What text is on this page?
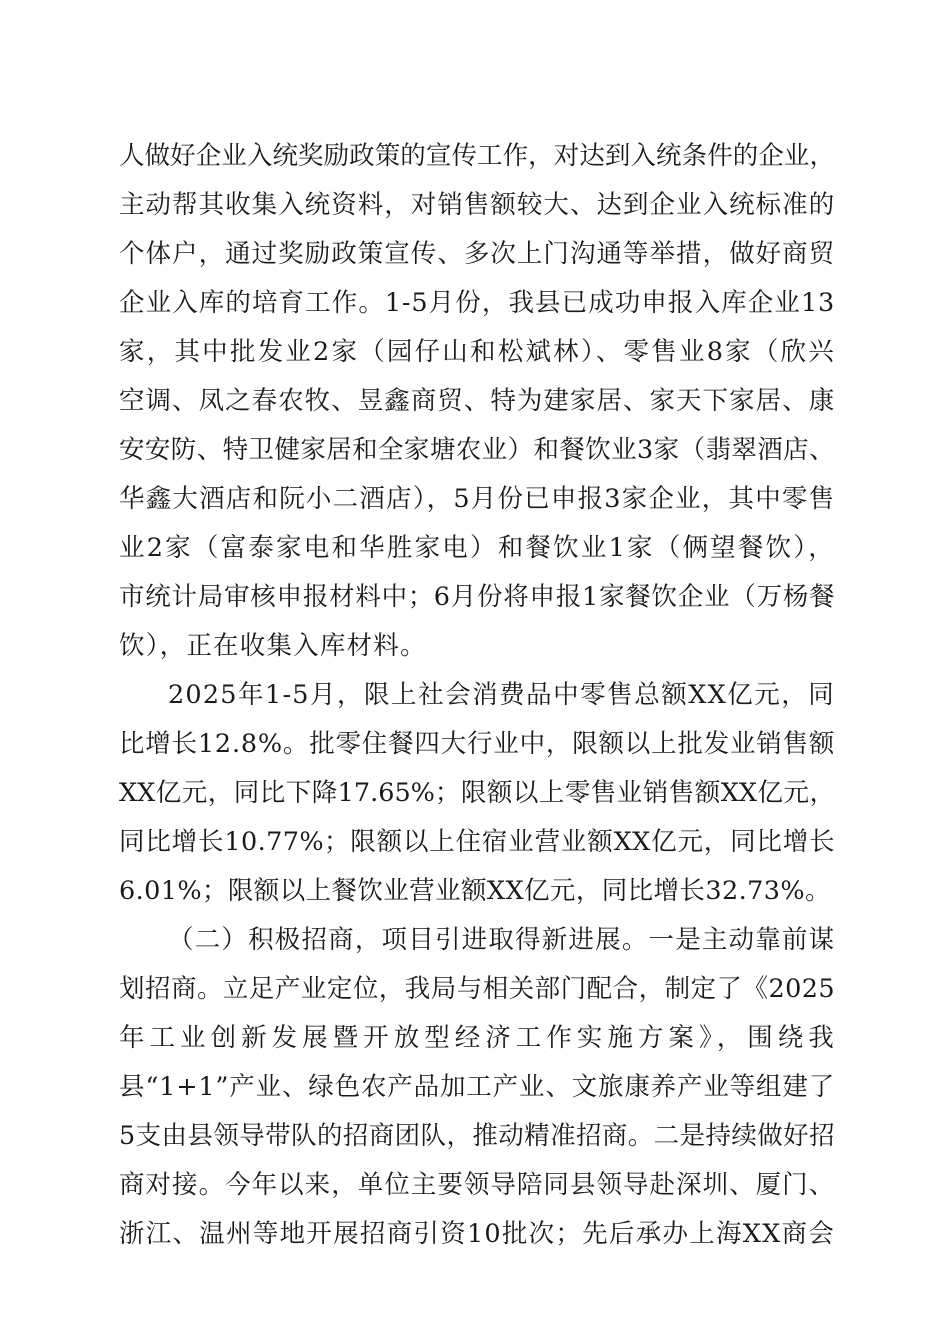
人做好企业入统奖励政策的宣传工作，对达到入统条件的企业，
主动帮其收集入统资料，对销售额较大、达到企业入统标准的
个体户，通过奖励政策宣传、多次上门沟通等举措，做好商贸
企业入库的培育工作。1-5月份，我县已成功申报入库企业13
家，其中批发业2家（园仔山和松斌林）、零售业8家（欣兴
空调、凤之春农牧、昱鑫商贸、特为建家居、家天下家居、康
安安防、特卫健家居和全家塘农业）和餐饮业3家（翡翠酒店、
华鑫大酒店和阮小二酒店），5月份已申报3家企业，其中零售
业2家（富泰家电和华胜家电）和餐饮业1家（俩望餐饮），
市统计局审核申报材料中；6月份将申报1家餐饮企业（万杨餐
饮），正在收集入库材料。
2025年1-5月，限上社会消费品中零售总额XX亿元，同
比增长12.8%。批零住餐四大行业中，限额以上批发业销售额
XX亿元，同比下降17.65%；限额以上零售业销售额XX亿元，
同比增长10.77%；限额以上住宿业营业额XX亿元，同比增长
6.01%；限额以上餐饮业营业额XX亿元，同比增长32.73%。
（二）积极招商，项目引进取得新进展。一是主动靠前谋
划招商。立足产业定位，我局与相关部门配合，制定了《2025
年工业创新发展暨开放型经济工作实施方案》，围绕我
县“1+1”产业、绿色农产品加工产业、文旅康养产业等组建了
5支由县领导带队的招商团队，推动精准招商。二是持续做好招
商对接。今年以来，单位主要领导陪同县领导赴深圳、厦门、
浙江、温州等地开展招商引资10批次；先后承办上海XX商会
